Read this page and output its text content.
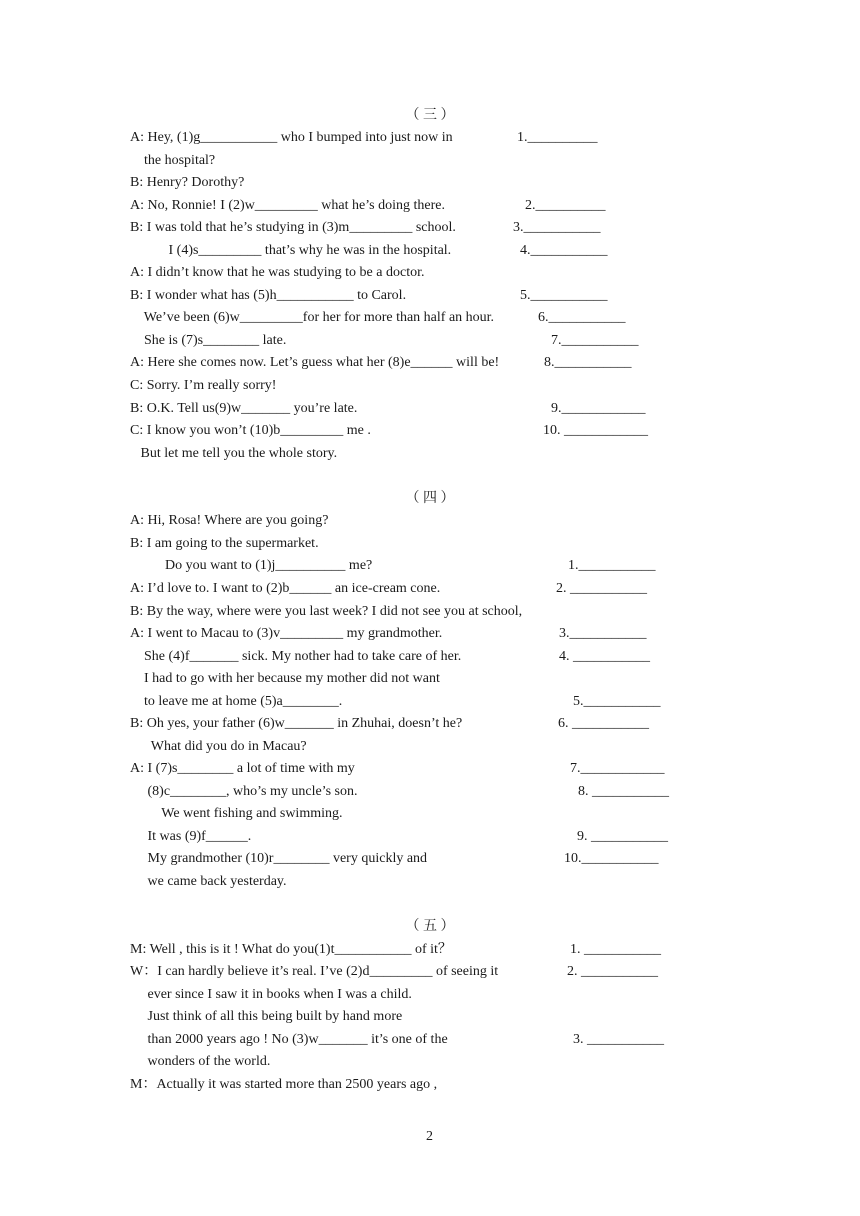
（ 三 ）
A: Hey, (1)g___________ who I bumped into just now in	1.__________
the hospital?
B: Henry? Dorothy?
A: No, Ronnie! I (2)w_________ what he’s doing there.	2.__________
B: I was told that he’s studying in (3)m_________ school.	3.___________
I (4)s_________ that’s why he was in the hospital.	4.___________
A: I didn’t know that he was studying to be a doctor.
B: I wonder what has (5)h___________ to Carol.	5.___________
We’ve been (6)w_________for her for more than half an hour.	6.___________
She is (7)s________ late.	7.___________
A: Here she comes now. Let’s guess what her (8)e______ will be!	8.___________
C: Sorry. I’m really sorry!
B: O.K. Tell us(9)w_______ you’re late.	9.____________
C: I know you won’t (10)b_________ me .	10. ____________
But let me tell you the whole story.
（ 四 ）
A: Hi, Rosa! Where are you going?
B: I am going to the supermarket.
Do you want to (1)j__________ me?	1.___________
A: I’d love to. I want to (2)b______ an ice-cream cone.	2. ___________
B: By the way, where were you last week? I did not see you at school,
A: I went to Macau to (3)v_________ my grandmother.	3.___________
She (4)f_______ sick. My nother had to take care of her.	4. ___________
I had to go with her because my mother did not want
to leave me at home (5)a________.	5.___________
B: Oh yes, your father (6)w_______ in Zhuhai, doesn’t he?	6. ___________
What did you do in Macau?
A: I (7)s________ a lot of time with my	7.____________
(8)c________, who’s my uncle’s son.	8. ___________
We went fishing and swimming.
It was (9)f______.	9. ___________
My grandmother (10)r________ very quickly and	10.___________
we came back yesterday.
（ 五 ）
M: Well , this is it ! What do you(1)t___________ of it？	1. ___________
W：I can hardly believe it’s real. I’ve (2)d_________ of seeing it	2. ___________
ever since I saw it in books when I was a child.
Just think of all this being built by hand more
than 2000 years ago ! No (3)w_______ it’s one of the	3. ___________
wonders of the world.
M：Actually it was started more than 2500 years ago ,
2
